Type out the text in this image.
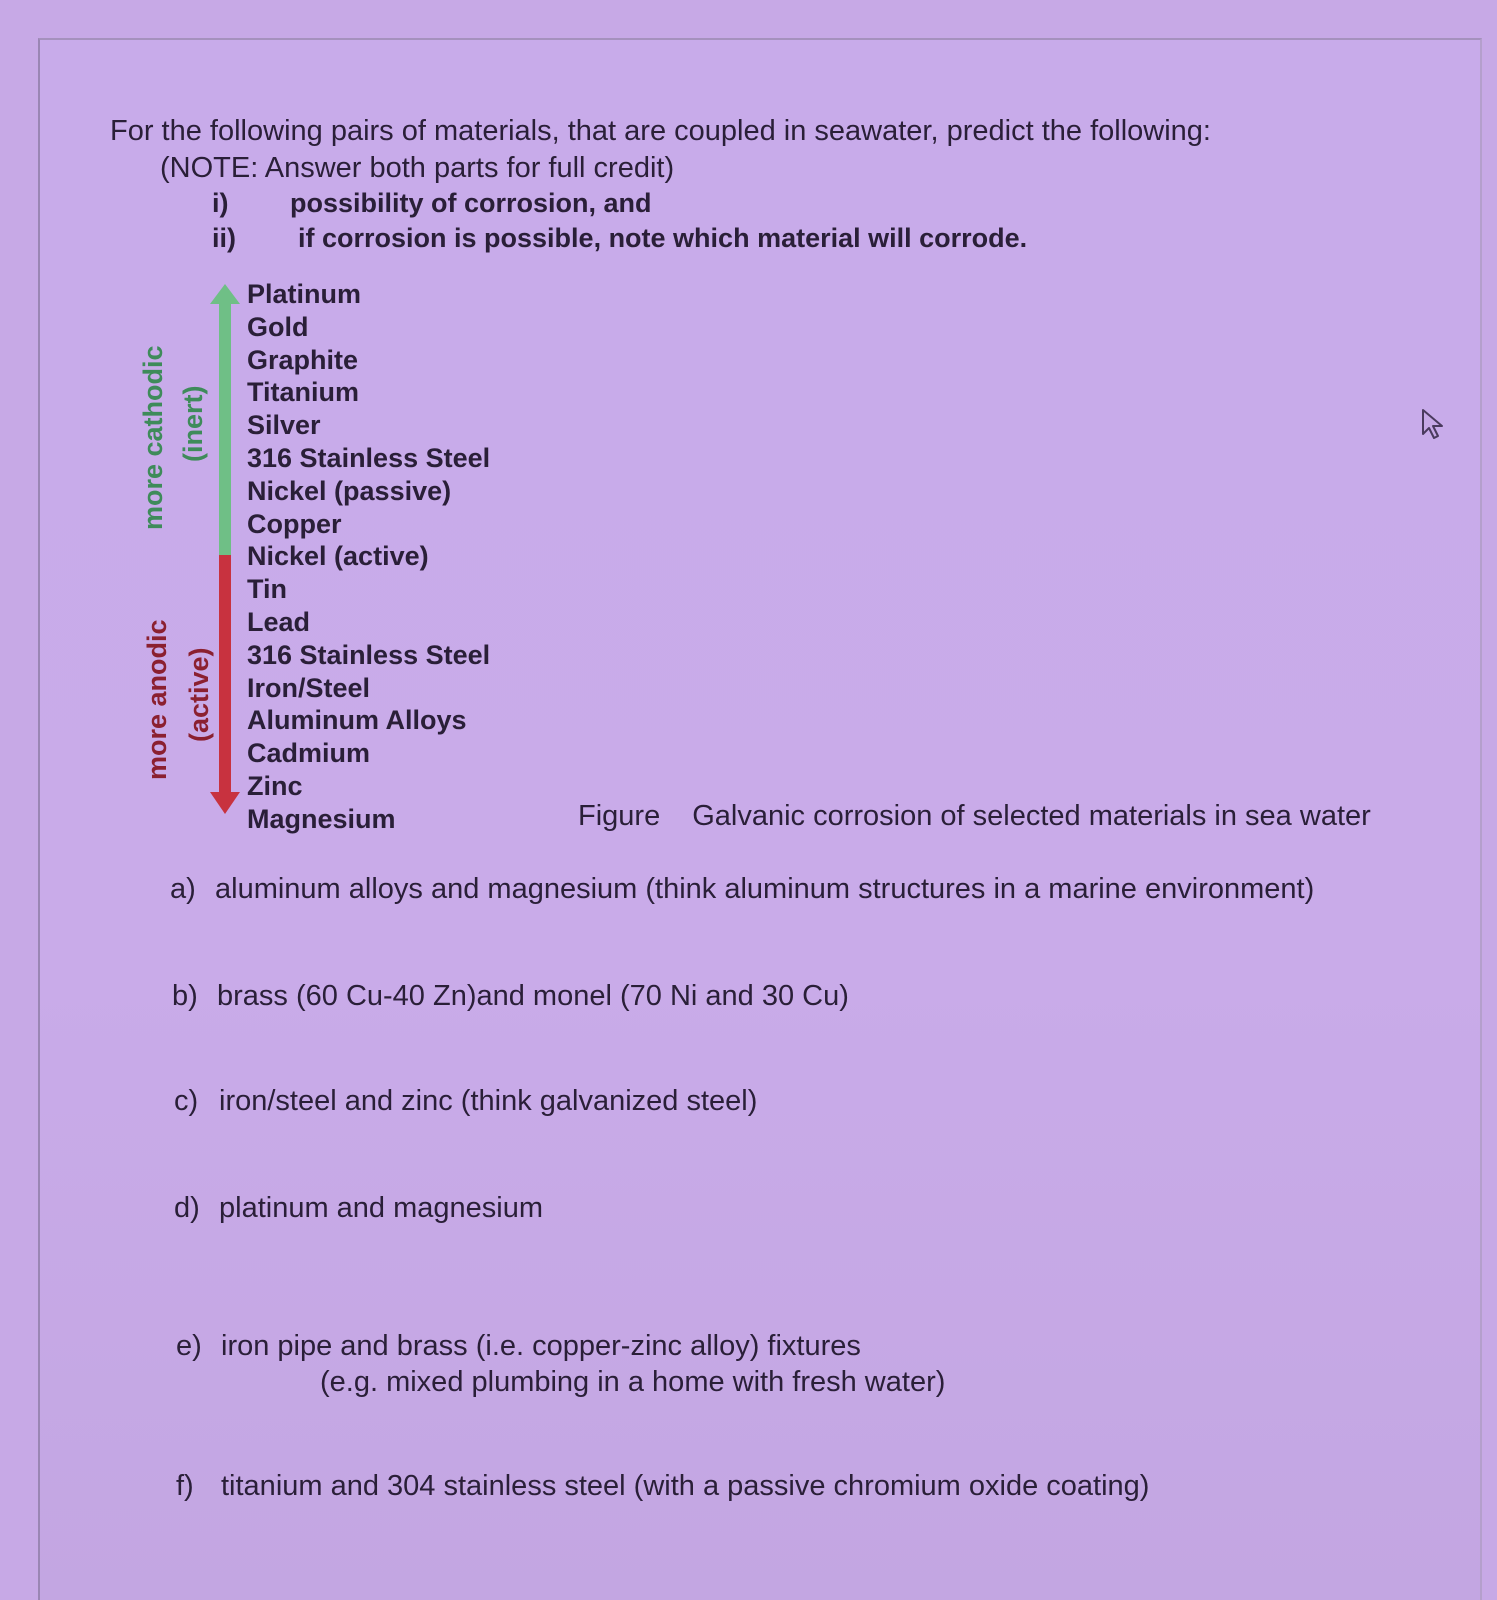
For the following pairs of materials, that are coupled in seawater, predict the following:
(NOTE: Answer both parts for full credit)
i) possibility of corrosion, and
ii) if corrosion is possible, note which material will corrode.
more cathodic (inert)
more anodic (active)
Platinum
Gold
Graphite
Titanium
Silver
316 Stainless Steel
Nickel (passive)
Copper
Nickel (active)
Tin
Lead
316 Stainless Steel
Iron/Steel
Aluminum Alloys
Cadmium
Zinc
Magnesium	Figure Galvanic corrosion of selected materials in sea water
a) aluminum alloys and magnesium (think aluminum structures in a marine environment)
b) brass (60 Cu-40 Zn)and monel (70 Ni and 30 Cu)
c) iron/steel and zinc (think galvanized steel)
d) platinum and magnesium
e) iron pipe and brass (i.e. copper-zinc alloy) fixtures
(e.g. mixed plumbing in a home with fresh water)
f) titanium and 304 stainless steel (with a passive chromium oxide coating)
